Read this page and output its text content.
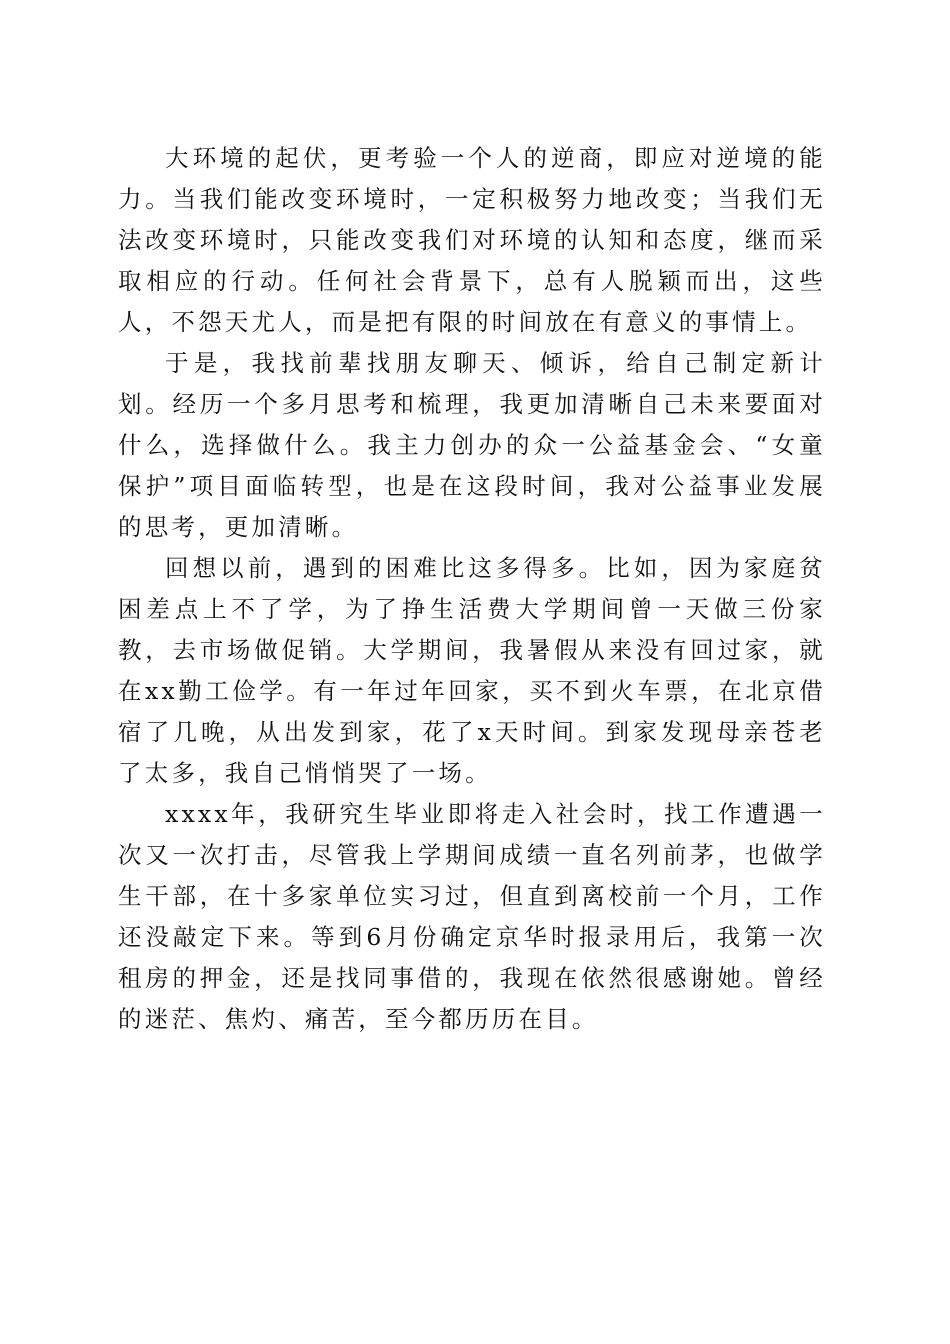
大环境的起伏，更考验一个人的逆商，即应对逆境的能力。当我们能改变环境时，一定积极努力地改变；当我们无法改变环境时，只能改变我们对环境的认知和态度，继而采取相应的行动。任何社会背景下，总有人脱颖而出，这些人，不怨天尤人，而是把有限的时间放在有意义的事情上。

于是，我找前辈找朋友聊天、倾诉，给自己制定新计划。经历一个多月思考和梳理，我更加清晰自己未来要面对什么，选择做什么。我主力创办的众一公益基金会、“女童保护”项目面临转型，也是在这段时间，我对公益事业发展的思考，更加清晰。

回想以前，遇到的困难比这多得多。比如，因为家庭贫困差点上不了学，为了挣生活费大学期间曾一天做三份家教，去市场做促销。大学期间，我暑假从来没有回过家，就在xx勤工俭学。有一年过年回家，买不到火车票，在北京借宿了几晚，从出发到家，花了x天时间。到家发现母亲苍老了太多，我自己悄悄哭了一场。

xxxx年，我研究生毕业即将走入社会时，找工作遭遇一次又一次打击，尽管我上学期间成绩一直名列前茅，也做学生干部，在十多家单位实习过，但直到离校前一个月，工作还没敲定下来。等到6月份确定京华时报录用后，我第一次租房的押金，还是找同事借的，我现在依然很感谢她。曾经的迷茫、焦灼、痛苦，至今都历历在目。
